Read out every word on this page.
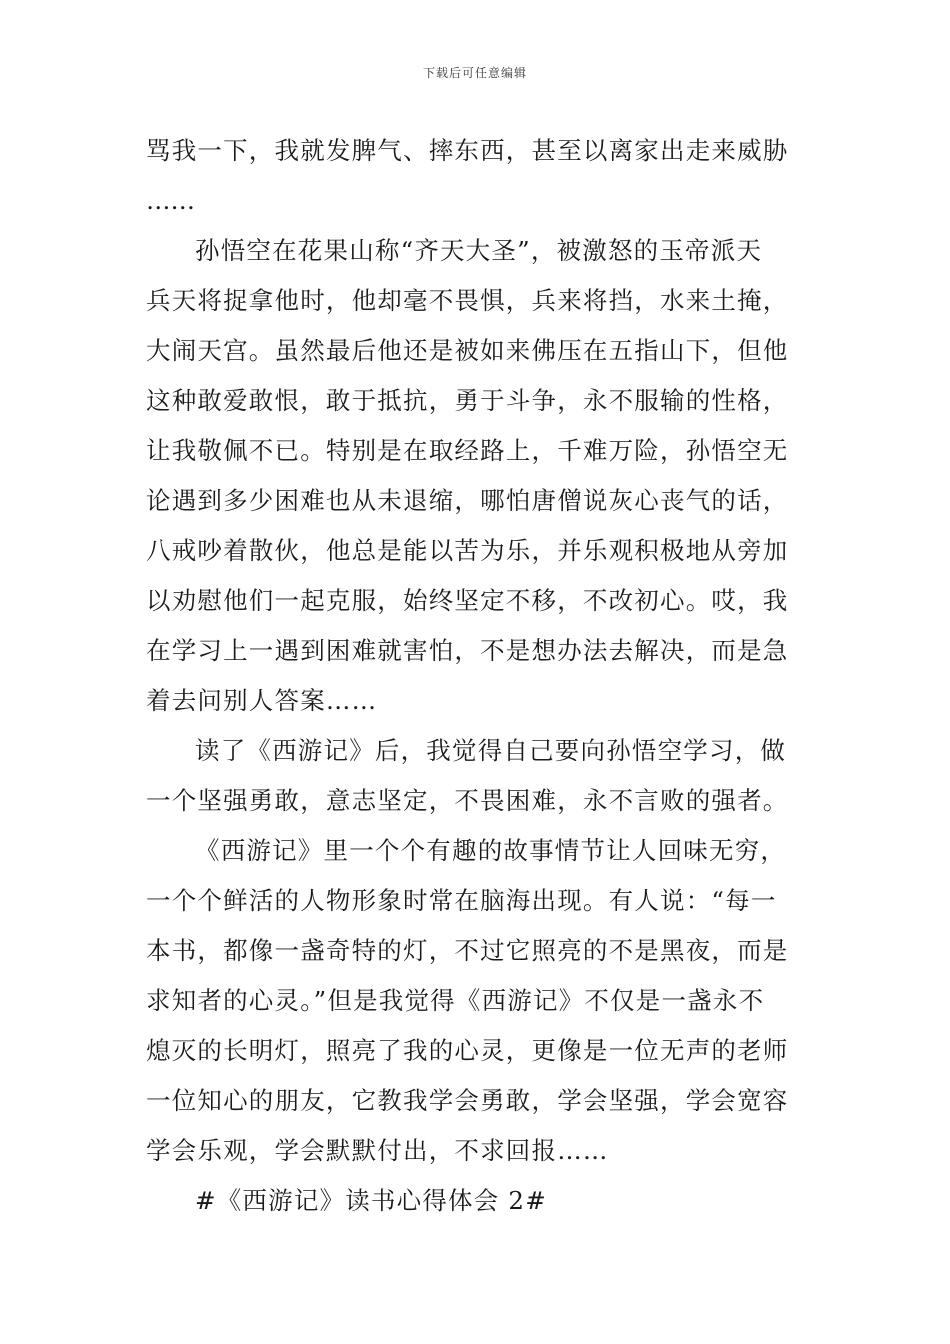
下载后可任意编辑
骂我一下，我就发脾气、摔东西，甚至以离家出走来威胁
……
孙悟空在花果山称“齐天大圣”，被激怒的玉帝派天
兵天将捉拿他时，他却毫不畏惧，兵来将挡，水来土掩，
大闹天宫。虽然最后他还是被如来佛压在五指山下，但他
这种敢爱敢恨，敢于抵抗，勇于斗争，永不服输的性格，
让我敬佩不已。特别是在取经路上，千难万险，孙悟空无
论遇到多少困难也从未退缩，哪怕唐僧说灰心丧气的话，
八戒吵着散伙，他总是能以苦为乐，并乐观积极地从旁加
以劝慰他们一起克服，始终坚定不移，不改初心。哎，我
在学习上一遇到困难就害怕，不是想办法去解决，而是急
着去问别人答案……
读了《西游记》后，我觉得自己要向孙悟空学习，做
一个坚强勇敢，意志坚定，不畏困难，永不言败的强者。
《西游记》里一个个有趣的故事情节让人回味无穷，
一个个鲜活的人物形象时常在脑海出现。有人说：“每一
本书，都像一盏奇特的灯，不过它照亮的不是黑夜，而是
求知者的心灵。”但是我觉得《西游记》不仅是一盏永不
熄灭的长明灯，照亮了我的心灵，更像是一位无声的老师
一位知心的朋友，它教我学会勇敢，学会坚强，学会宽容
学会乐观，学会默默付出，不求回报……
#《西游记》读书心得体会 2#
